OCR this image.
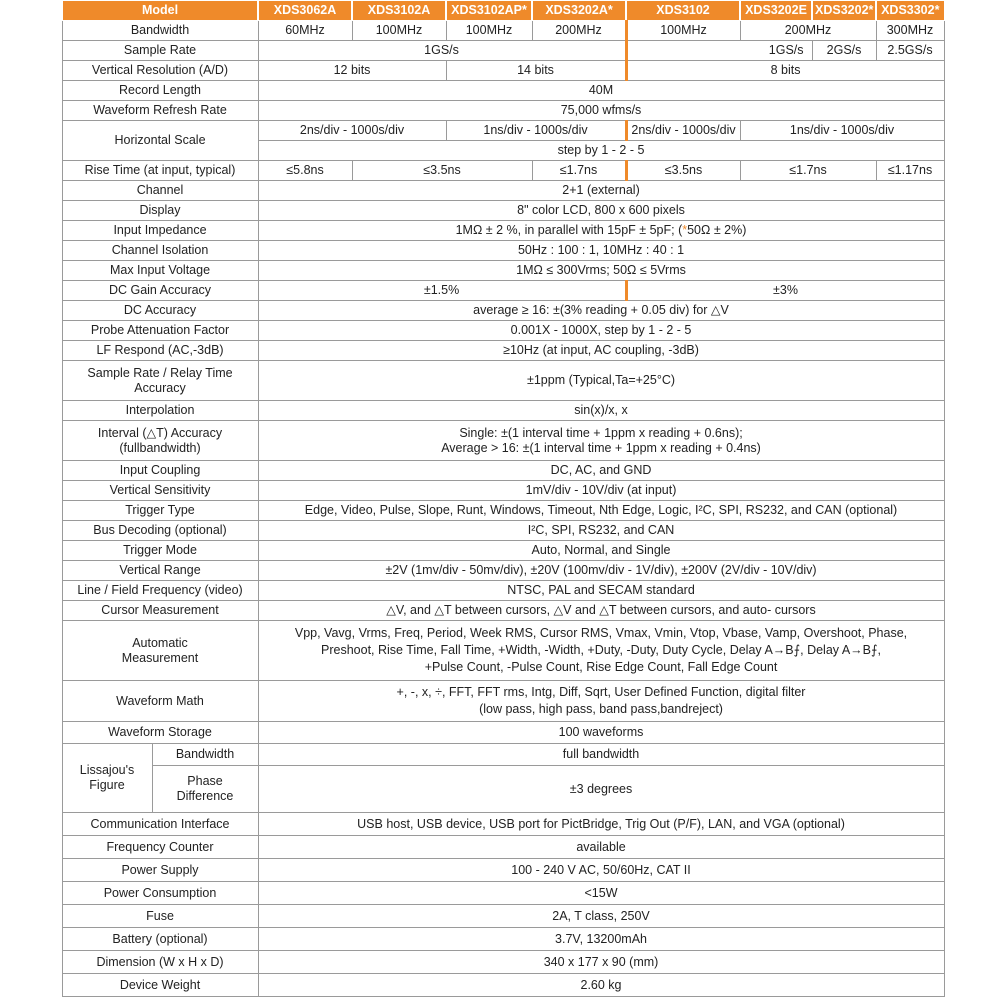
Model		XDS3062A	XDS3102A	XDS3102AP*	XDS3202A*	XDS3102	XDS3202E	XDS3202*	XDS3302*
Bandwidth		60MHz	100MHz	100MHz	200MHz	100MHz	200MHz		300MHz
Sample Rate		1GS/s				1GS/s		2GS/s	2.5GS/s
Vertical Resolution (A/D)		12 bits		14 bits		8 bits			
Record Length		40M							
Waveform Refresh Rate		75,000 wfms/s							
Horizontal Scale		2ns/div - 1000s/div		1ns/div - 1000s/div		2ns/div - 1000s/div	1ns/div - 1000s/div		
		step by 1 - 2 - 5							
Rise Time (at input, typical)		≤5.8ns	≤3.5ns		≤1.7ns	≤3.5ns	≤1.7ns		≤1.17ns
Channel		2+1 (external)							
Display		8" color LCD, 800 x 600 pixels							
Input Impedance		1MΩ ± 2 %, in parallel with 15pF ± 5pF; (*50Ω ± 2%)							
Channel Isolation		50Hz : 100 : 1, 10MHz : 40 : 1							
Max Input Voltage		1MΩ ≤ 300Vrms; 50Ω ≤ 5Vrms							
DC Gain Accuracy		±1.5%				±3%			
DC Accuracy		average ≥ 16: ±(3% reading + 0.05 div) for △V							
Probe Attenuation Factor		0.001X - 1000X, step by 1 - 2 - 5							
LF Respond (AC,-3dB)		≥10Hz (at input, AC coupling, -3dB)							
Sample Rate / Relay Time
Accuracy		±1ppm (Typical,Ta=+25°C)							
Interpolation		sin(x)/x, x							
Interval (△T) Accuracy
(fullbandwidth)		Single: ±(1 interval time + 1ppm x reading + 0.6ns);
Average > 16: ±(1 interval time + 1ppm x reading + 0.4ns)							
Input Coupling		DC, AC, and GND							
Vertical Sensitivity		1mV/div - 10V/div (at input)							
Trigger Type		Edge, Video, Pulse, Slope, Runt, Windows, Timeout, Nth Edge, Logic, I²C, SPI, RS232, and CAN (optional)							
Bus Decoding (optional)		I²C, SPI, RS232, and CAN							
Trigger Mode		Auto, Normal, and Single							
Vertical Range		±2V (1mv/div - 50mv/div), ±20V (100mv/div - 1V/div), ±200V (2V/div - 10V/div)							
Line / Field Frequency (video)		NTSC, PAL and SECAM standard							
Cursor Measurement		△V, and △T between cursors, △V and △T between cursors, and auto- cursors							
Automatic
Measurement		Vpp, Vavg, Vrms, Freq, Period, Week RMS, Cursor RMS, Vmax, Vmin, Vtop, Vbase, Vamp, Overshoot, Phase,
Preshoot, Rise Time, Fall Time, +Width, -Width, +Duty, -Duty, Duty Cycle, Delay A→B⨍, Delay A→B⨍,
+Pulse Count, -Pulse Count, Rise Edge Count, Fall Edge Count							
Waveform Math		+, -, x, ÷, FFT, FFT rms, Intg, Diff, Sqrt, User Defined Function, digital filter
(low pass, high pass, band pass,bandreject)							
Waveform Storage		100 waveforms							
Lissajou's
Figure	Bandwidth	full bandwidth							
	Phase
Difference	±3 degrees							
Communication Interface		USB host, USB device, USB port for PictBridge, Trig Out (P/F), LAN, and VGA (optional)							
Frequency Counter		available							
Power Supply		100 - 240 V AC, 50/60Hz, CAT II							
Power Consumption		<15W							
Fuse		2A, T class, 250V							
Battery (optional)		3.7V, 13200mAh							
Dimension (W x H x D)		340 x 177 x 90 (mm)							
Device Weight		2.60 kg							
